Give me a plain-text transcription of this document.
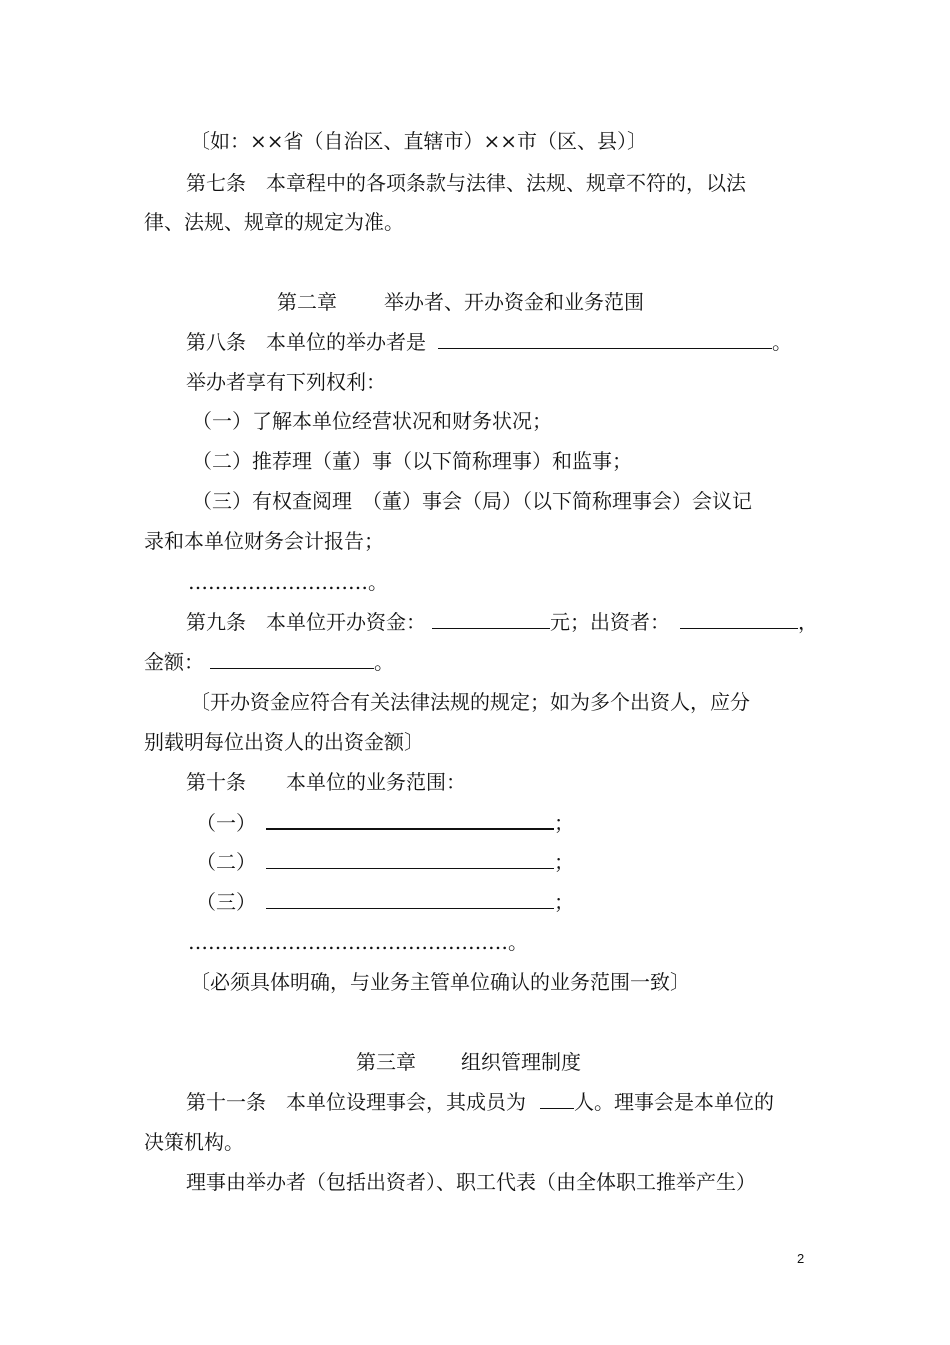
〔如：××省（自治区、直辖市）××市（区、县）〕
第七条　本章程中的各项条款与法律、法规、规章不符的，以法
律、法规、规章的规定为准。
第二章 举办者、开办资金和业务范围
第八条　本单位的举办者是	。
举办者享有下列权利：
（一）了解本单位经营状况和财务状况；
（二）推荐理（董）事（以下简称理事）和监事；
（三）有权查阅理　（董）事会（局）（以下简称理事会）会议记
录和本单位财务会计报告；
………………………。
第九条　本单位开办资金：	元；出资者：	，
金额：	。
〔开办资金应符合有关法律法规的规定；如为多个出资人，应分
别载明每位出资人的出资金额〕
第十条　　本单位的业务范围：
（一）	；
（二）	；
（三）	；
…………………………………………。
〔必须具体明确，与业务主管单位确认的业务范围一致〕
第三章 组织管理制度
第十一条　本单位设理事会，其成员为 人。理事会是本单位的
决策机构。
理事由举办者（包括出资者）、职工代表（由全体职工推举产生）
2
